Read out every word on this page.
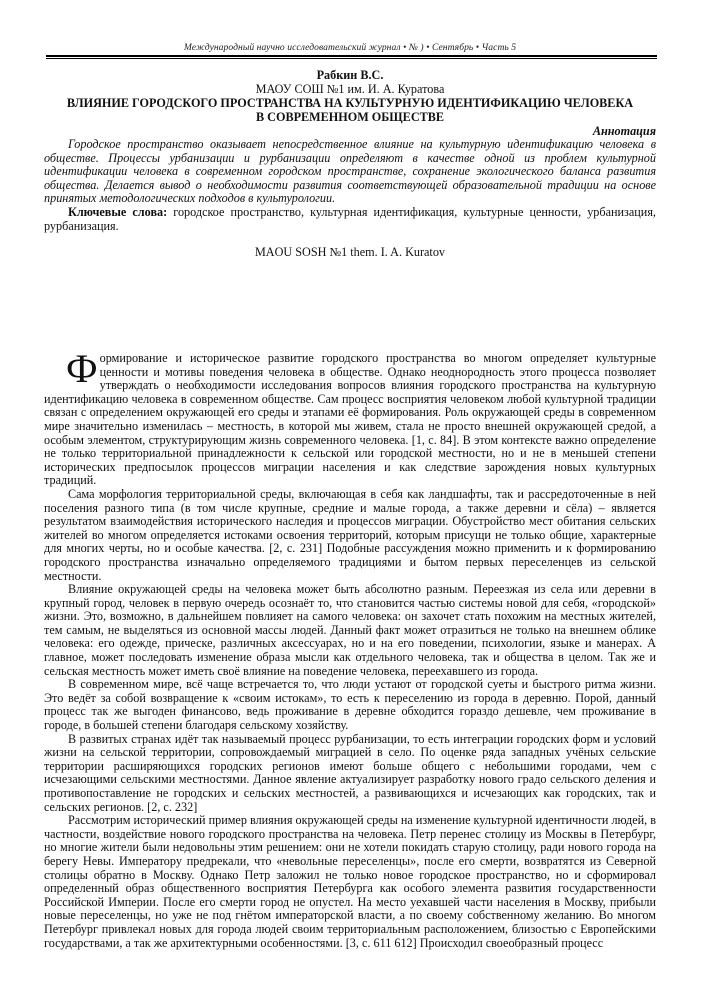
Международный научно исследовательский журнал • № ) • Сентябрь • Часть 5
Рабкин В.С.
МАОУ СОШ №1 им. И. А. Куратова
ВЛИЯНИЕ ГОРОДСКОГО ПРОСТРАНСТВА НА КУЛЬТУРНУЮ ИДЕНТИФИКАЦИЮ ЧЕЛОВЕКА
В СОВРЕМЕННОМ ОБЩЕСТВЕ
Аннотация
Городское пространство оказывает непосредственное влияние на культурную идентификацию человека в обществе. Процессы урбанизации и рурбанизации определяют в качестве одной из проблем культурной идентификации человека в современном городском пространстве, сохранение экологического баланса развития общества. Делается вывод о необходимости развития соответствующей образовательной традиции на основе принятых методологических подходов в культурологии.
Ключевые слова: городское пространство, культурная идентификация, культурные ценности, урбанизация, рурбанизация.
MAOU SOSH №1 them. I. A. Kuratov

Формирование и историческое развитие городского пространства во многом определяет культурные ценности и мотивы поведения человека в обществе. Однако неоднородность этого процесса позволяет утверждать о необходимости исследования вопросов влияния городского пространства на культурную идентификацию человека в современном обществе. Сам процесс восприятия человеком любой культурной традиции связан с определением окружающей его среды и этапами её формирования. Роль окружающей среды в современном мире значительно изменилась – местность, в которой мы живем, стала не просто внешней окружающей средой, а особым элементом, структурирующим жизнь современного человека. [1, с. 84]. В этом контексте важно определение не только территориальной принадлежности к сельской или городской местности, но и не в меньшей степени исторических предпосылок процессов миграции населения и как следствие зарождения новых культурных традиций.

Сама морфология территориальной среды, включающая в себя как ландшафты, так и рассредоточенные в ней поселения разного типа (в том числе крупные, средние и малые города, а также деревни и сёла) – является результатом взаимодействия исторического наследия и процессов миграции. Обустройство мест обитания сельских жителей во многом определяется истоками освоения территорий, которым присущи не только общие, характерные для многих черты, но и особые качества. [2, с. 231] Подобные рассуждения можно применить и к формированию городского пространства изначально определяемого традициями и бытом первых переселенцев из сельской местности.

Влияние окружающей среды на человека может быть абсолютно разным. Переезжая из села или деревни в крупный город, человек в первую очередь осознаёт то, что становится частью системы новой для себя, «городской» жизни. Это, возможно, в дальнейшем повлияет на самого человека: он захочет стать похожим на местных жителей, тем самым, не выделяться из основной массы людей. Данный факт может отразиться не только на внешнем облике человека: его одежде, прическе, различных аксессуарах, но и на его поведении, психологии, языке и манерах. А главное, может последовать изменение образа мысли как отдельного человека, так и общества в целом. Так же и сельская местность может иметь своё влияние на поведение человека, переехавшего из города.

В современном мире, всё чаще встречается то, что люди устают от городской суеты и быстрого ритма жизни. Это ведёт за собой возвращение к «своим истокам», то есть к переселению из города в деревню. Порой, данный процесс так же выгоден финансово, ведь проживание в деревне обходится гораздо дешевле, чем проживание в городе, в большей степени благодаря сельскому хозяйству.

В развитых странах идёт так называемый процесс рурбанизации, то есть интеграции городских форм и условий жизни на сельской территории, сопровождаемый миграцией в село. По оценке ряда западных учёных сельские территории расширяющихся городских регионов имеют больше общего с небольшими городами, чем с исчезающими сельскими местностями. Данное явление актуализирует разработку нового градо сельского деления и противопоставление не городских и сельских местностей, а развивающихся и исчезающих как городских, так и сельских регионов. [2, с. 232]

Рассмотрим исторический пример влияния окружающей среды на изменение культурной идентичности людей, в частности, воздействие нового городского пространства на человека. Петр перенес столицу из Москвы в Петербург, но многие жители были недовольны этим решением: они не хотели покидать старую столицу, ради нового города на берегу Невы. Императору предрекали, что «невольные переселенцы», после его смерти, возвратятся из Северной столицы обратно в Москву. Однако Петр заложил не только новое городское пространство, но и сформировал определенный образ общественного восприятия Петербурга как особого элемента развития государственности Российской Империи. После его смерти город не опустел. На место уехавшей части населения в Москву, прибыли новые переселенцы, но уже не под гнётом императорской власти, а по своему собственному желанию. Во многом Петербург привлекал новых для города людей своим территориальным расположением, близостью с Европейскими государствами, а так же архитектурными особенностями. [3, с. 611 612] Происходил своеобразный процесс
